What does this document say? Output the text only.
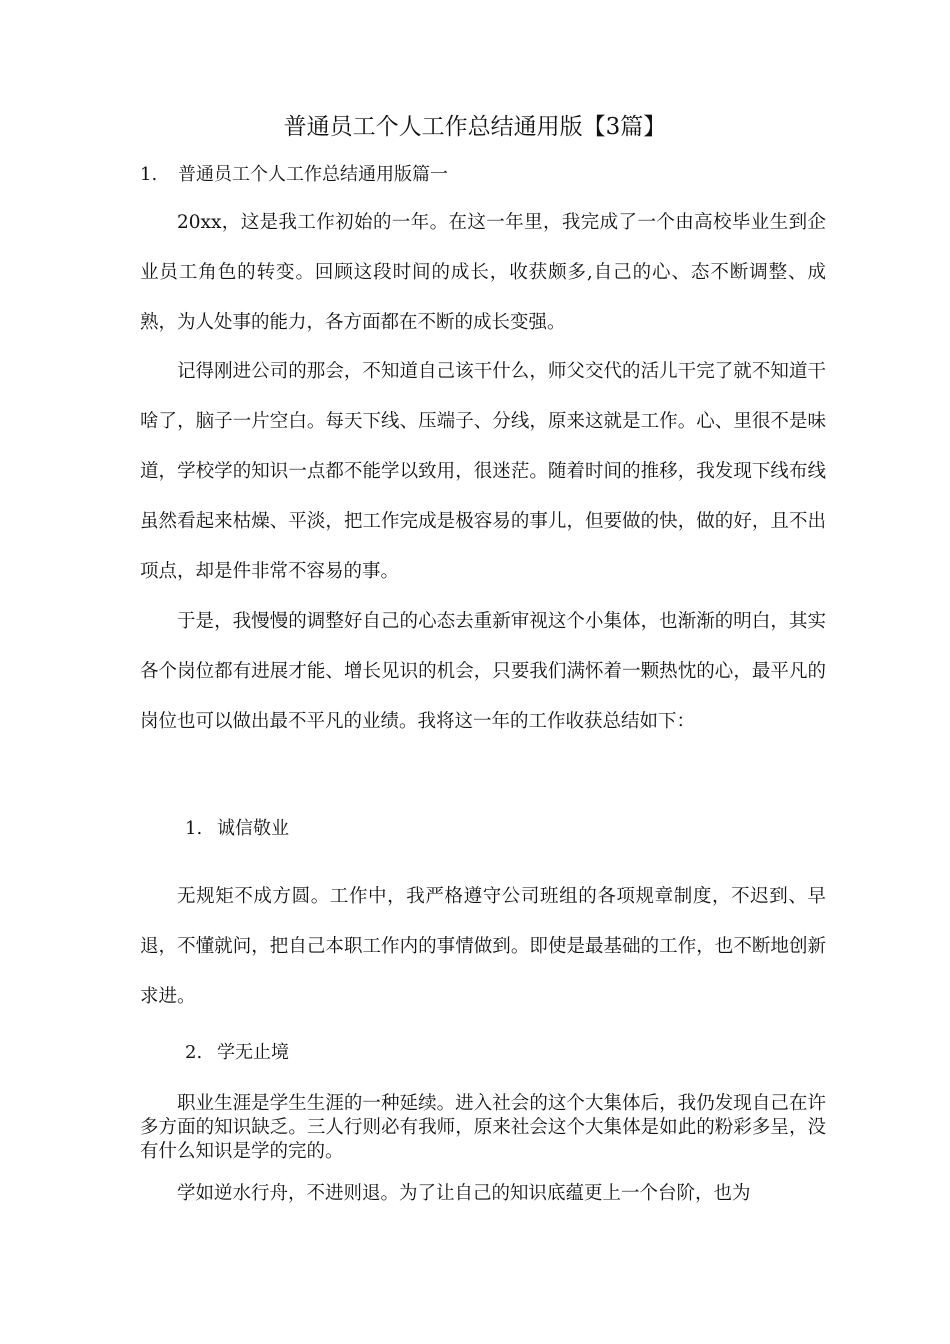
普通员工个人工作总结通用版【3篇】
1. 普通员工个人工作总结通用版篇一

20xx，这是我工作初始的一年。在这一年里，我完成了一个由高校毕业生到企业员工角色的转变。回顾这段时间的成长，收获颇多,自己的心、态不断调整、成熟，为人处事的能力，各方面都在不断的成长变强。

记得刚进公司的那会，不知道自己该干什么，师父交代的活儿干完了就不知道干啥了，脑子一片空白。每天下线、压端子、分线，原来这就是工作。心、里很不是味道，学校学的知识一点都不能学以致用，很迷茫。随着时间的推移，我发现下线布线虽然看起来枯燥、平淡，把工作完成是极容易的事儿，但要做的快，做的好，且不出项点，却是件非常不容易的事。

于是，我慢慢的调整好自己的心态去重新审视这个小集体，也渐渐的明白，其实各个岗位都有进展才能、增长见识的机会，只要我们满怀着一颗热忱的心，最平凡的岗位也可以做出最不平凡的业绩。我将这一年的工作收获总结如下：

1. 诚信敬业

无规矩不成方圆。工作中，我严格遵守公司班组的各项规章制度，不迟到、早退，不懂就问，把自己本职工作内的事情做到。即使是最基础的工作，也不断地创新求进。

2. 学无止境

职业生涯是学生生涯的一种延续。进入社会的这个大集体后，我仍发现自己在许多方面的知识缺乏。三人行则必有我师，原来社会这个大集体是如此的粉彩多呈，没有什么知识是学的完的。

学如逆水行舟，不进则退。为了让自己的知识底蕴更上一个台阶，也为
